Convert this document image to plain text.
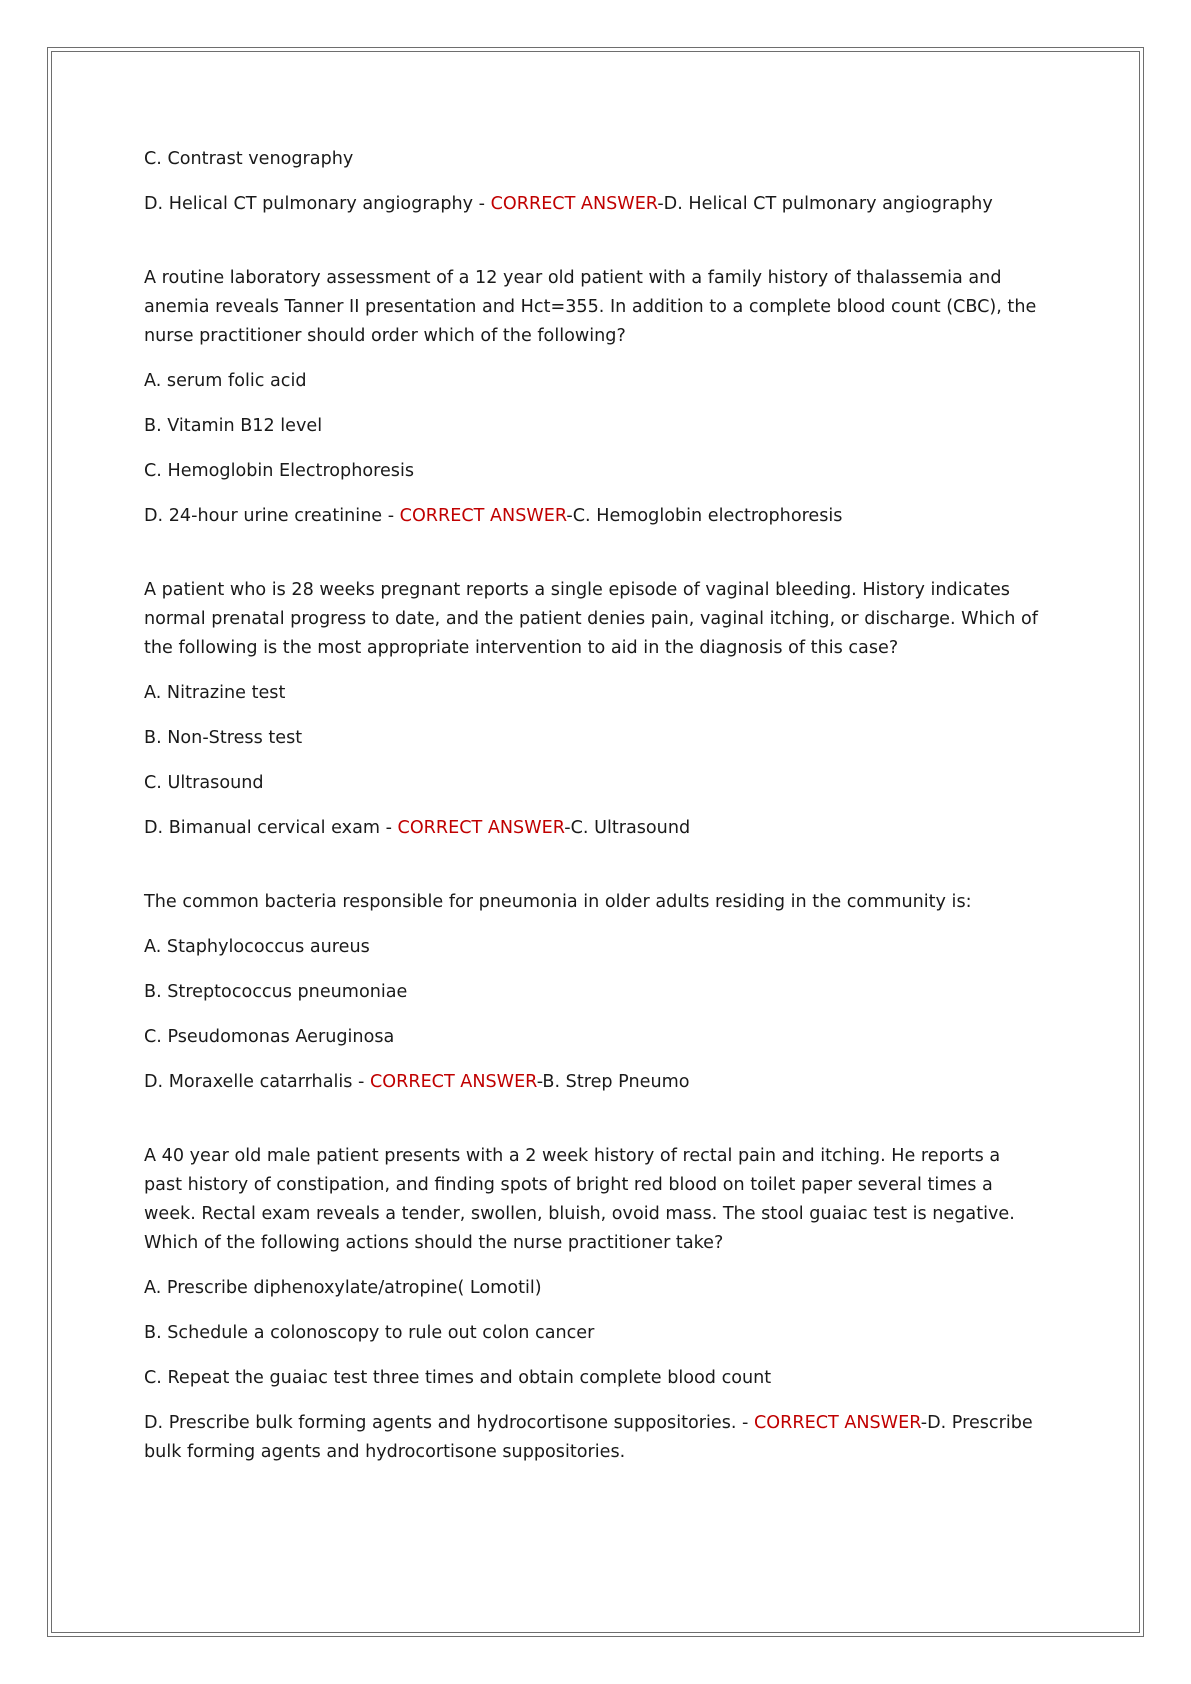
C. Contrast venography

D. Helical CT pulmonary angiography - CORRECT ANSWER-D. Helical CT pulmonary angiography

A routine laboratory assessment of a 12 year old patient with a family history of thalassemia and

anemia reveals Tanner II presentation and Hct=355. In addition to a complete blood count (CBC), the

nurse practitioner should order which of the following?

A. serum folic acid

B. Vitamin B12 level

C. Hemoglobin Electrophoresis

D. 24-hour urine creatinine - CORRECT ANSWER-C. Hemoglobin electrophoresis

A patient who is 28 weeks pregnant reports a single episode of vaginal bleeding. History indicates

normal prenatal progress to date, and the patient denies pain, vaginal itching, or discharge. Which of

the following is the most appropriate intervention to aid in the diagnosis of this case?

A. Nitrazine test

B. Non-Stress test

C. Ultrasound

D. Bimanual cervical exam - CORRECT ANSWER-C. Ultrasound

The common bacteria responsible for pneumonia in older adults residing in the community is:

A. Staphylococcus aureus

B. Streptococcus pneumoniae

C. Pseudomonas Aeruginosa

D. Moraxelle catarrhalis - CORRECT ANSWER-B. Strep Pneumo

A 40 year old male patient presents with a 2 week history of rectal pain and itching. He reports a

past history of constipation, and finding spots of bright red blood on toilet paper several times a

week. Rectal exam reveals a tender, swollen, bluish, ovoid mass. The stool guaiac test is negative.

Which of the following actions should the nurse practitioner take?

A. Prescribe diphenoxylate/atropine( Lomotil)

B. Schedule a colonoscopy to rule out colon cancer

C. Repeat the guaiac test three times and obtain complete blood count

D. Prescribe bulk forming agents and hydrocortisone suppositories. - CORRECT ANSWER-D. Prescribe

bulk forming agents and hydrocortisone suppositories.
